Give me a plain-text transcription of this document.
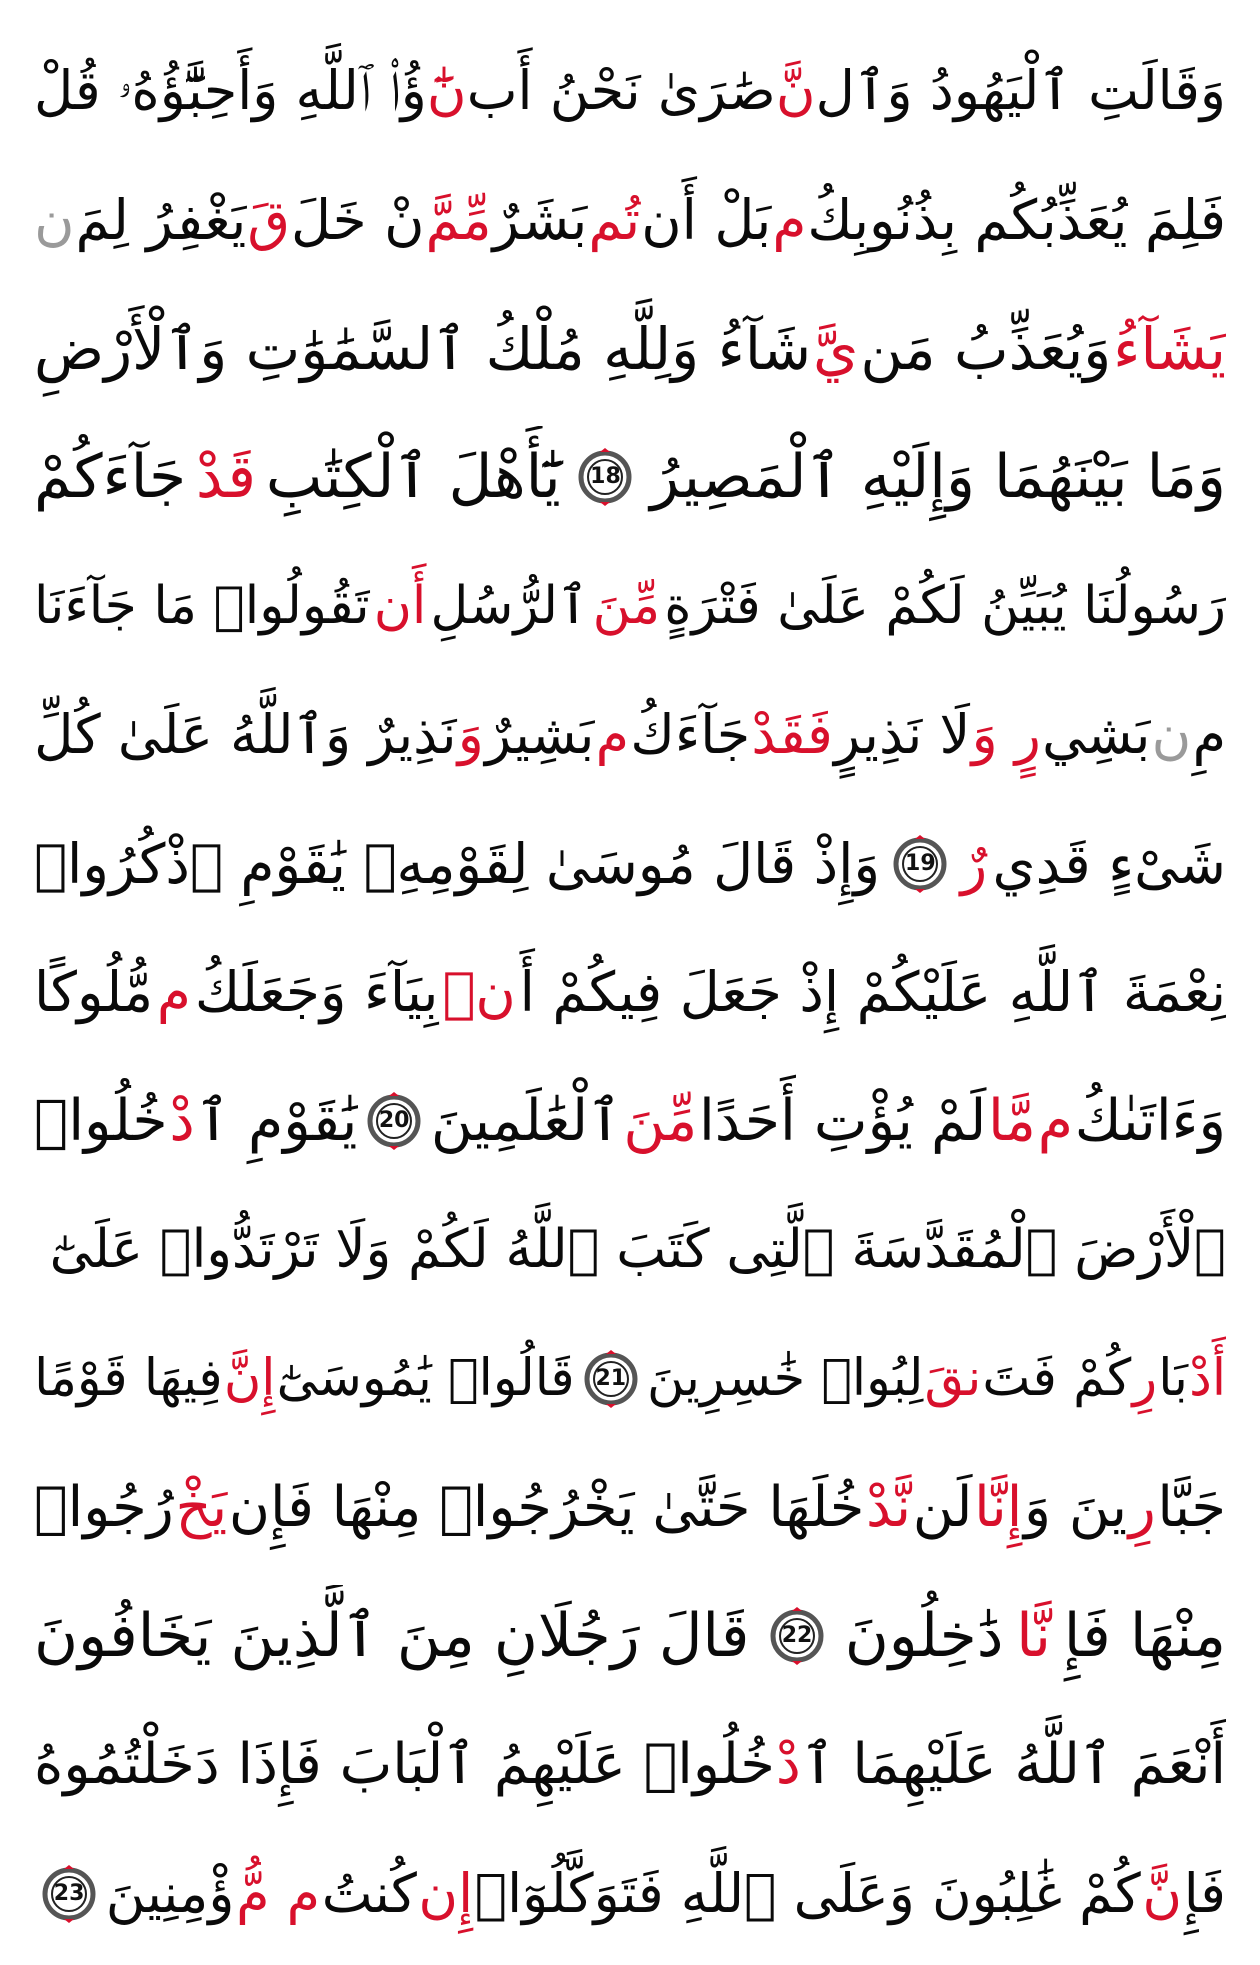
وَقَالَتِ ٱلْيَهُودُ وَٱل
نَّ
صَٰرَىٰ نَحْنُ أَب
نَٰٓ
ؤُا۟ ٱللَّهِ وَأَحِبَّٰٓؤُهُۥ قُلْ
فَلِمَ يُعَذِّبُكُم بِذُنُوبِكُ
م
بَلْ أَن
تُم
بَشَرٌ
مِّمَّ
نْ خَلَ
قَ
يَغْفِرُ لِمَ
ن
يَشَآءُ
وَيُعَذِّبُ مَن
يَّ
شَآءُ وَلِلَّهِ مُلْكُ ٱلسَّمَٰوَٰتِ وَٱلْأَرْضِ
وَمَا بَيْنَهُمَا وَإِلَيْهِ ٱلْمَصِيرُ
18
يَٰٓأَهْلَ ٱلْكِتَٰبِ
قَدْ
جَآءَكُمْ
رَسُولُنَا يُبَيِّنُ لَكُمْ عَلَىٰ فَتْرَةٍ
مِّنَ
ٱلرُّسُلِ
أَن
تَقُولُوا۟ مَا جَآءَنَا
مِ
ن
بَشِي
رٍ وَ
لَا نَذِيرٍ
فَقَدْ
جَآءَكُ
م
بَشِيرٌ
وَ
نَذِيرٌ وَٱللَّهُ عَلَىٰ كُلِّ
شَىْءٍ قَدِي
رٌ
19
وَإِذْ قَالَ مُوسَىٰ لِقَوْمِهِۦ يَٰقَوْمِ ٱذْكُرُوا۟
نِعْمَةَ ٱللَّهِ عَلَيْكُمْ إِذْ جَعَلَ فِيكُمْ أَ
نۢ
بِيَآءَ وَجَعَلَكُ
م
مُّلُوكًا
وَءَاتَىٰكُ
م
مَّا
لَمْ يُؤْتِ أَحَدًا
مِّنَ
ٱلْعَٰلَمِينَ
20
يَٰقَوْمِ ٱ
دْ
خُلُوا۟
ٱلْأَرْضَ ٱلْمُقَدَّسَةَ ٱلَّتِى كَتَبَ ٱللَّهُ لَكُمْ وَلَا تَرْتَدُّوا۟ عَلَىٰٓ
أَدْ
بَا
رِ
كُمْ فَتَ
نقَ
لِبُوا۟ خَٰسِرِينَ
21
قَالُوا۟ يَٰمُوسَىٰٓ
إِنَّ
فِيهَا قَوْمًا
جَبَّا
رِ
ينَ وَ
إِنَّا
لَن
نَّدْ
خُلَهَا حَتَّىٰ يَخْرُجُوا۟ مِنْهَا فَإِن
يَخْ
رُجُوا۟
مِنْهَا فَإِ
نَّا
دَٰخِلُونَ
22
قَالَ رَجُلَانِ مِنَ ٱلَّذِينَ يَخَافُونَ
أَنْعَمَ ٱللَّهُ عَلَيْهِمَا ٱ
دْ
خُلُوا۟ عَلَيْهِمُ ٱلْبَابَ فَإِذَا دَخَلْتُمُوهُ
فَإِ
نَّ
كُمْ غَٰلِبُونَ وَعَلَى ٱللَّهِ فَتَوَكَّلُوٓا۟
إِن
كُنتُ
م مُّ
ؤْمِنِينَ
23
